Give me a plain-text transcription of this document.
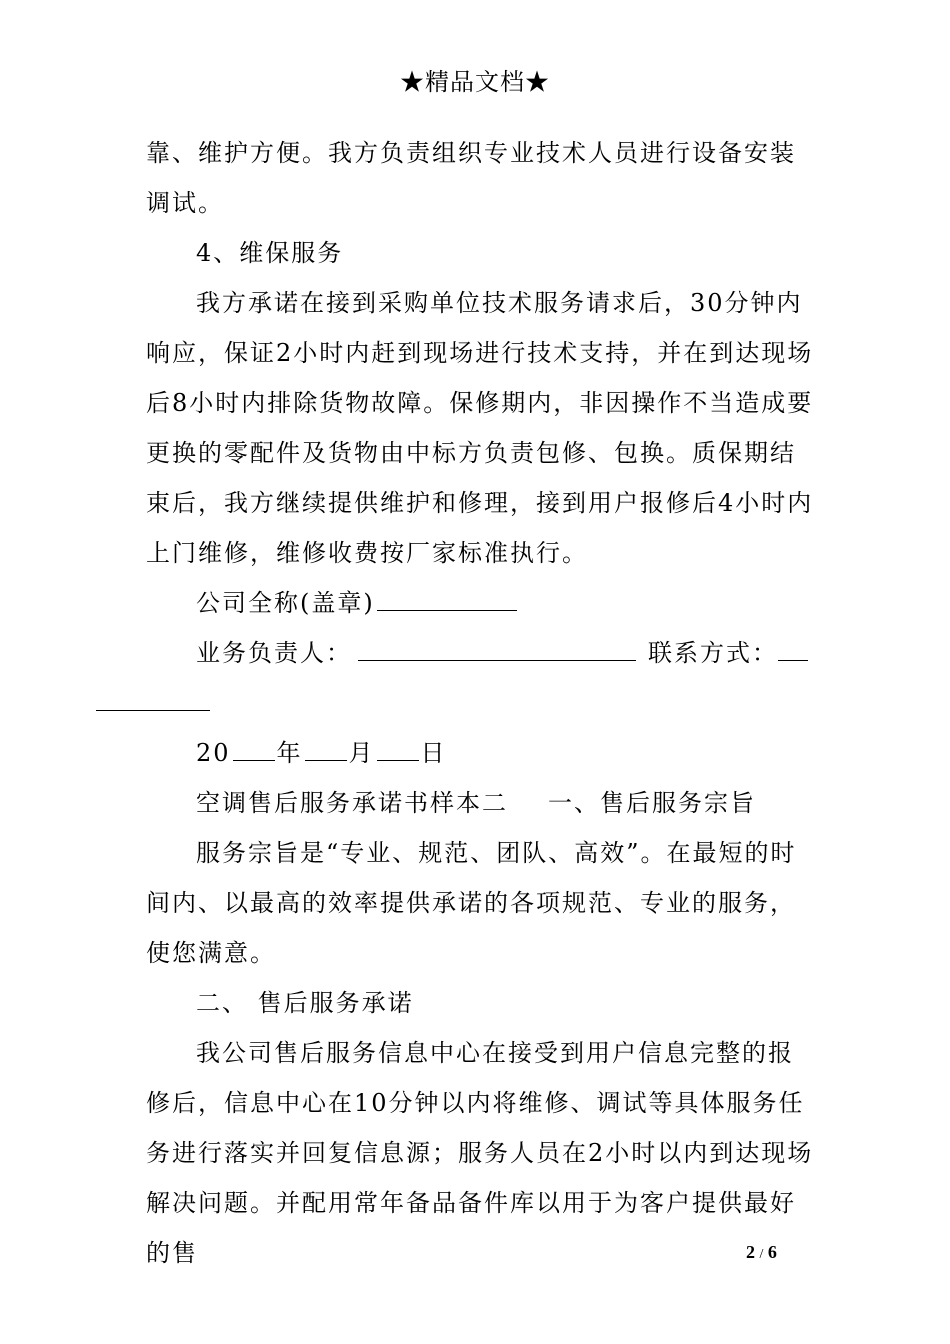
★精品文档★

靠、维护方便。我方负责组织专业技术人员进行设备安装调试。

4、维保服务

我方承诺在接到采购单位技术服务请求后，30分钟内响应，保证2小时内赶到现场进行技术支持，并在到达现场后8小时内排除货物故障。保修期内，非因操作不当造成要更换的零配件及货物由中标方负责包修、包换。质保期结束后，我方继续提供维护和修理，接到用户报修后4小时内上门维修，维修收费按厂家标准执行。

公司全称(盖章)

业务负责人：	联系方式：

20 年 月 日

空调售后服务承诺书样本二 一、售后服务宗旨

服务宗旨是“专业、规范、团队、高效”。在最短的时间内、以最高的效率提供承诺的各项规范、专业的服务，使您满意。

二、 售后服务承诺

我公司售后服务信息中心在接受到用户信息完整的报修后，信息中心在10分钟以内将维修、调试等具体服务任务进行落实并回复信息源；服务人员在2小时以内到达现场解决问题。并配用常年备品备件库以用于为客户提供最好的售	2 / 6
